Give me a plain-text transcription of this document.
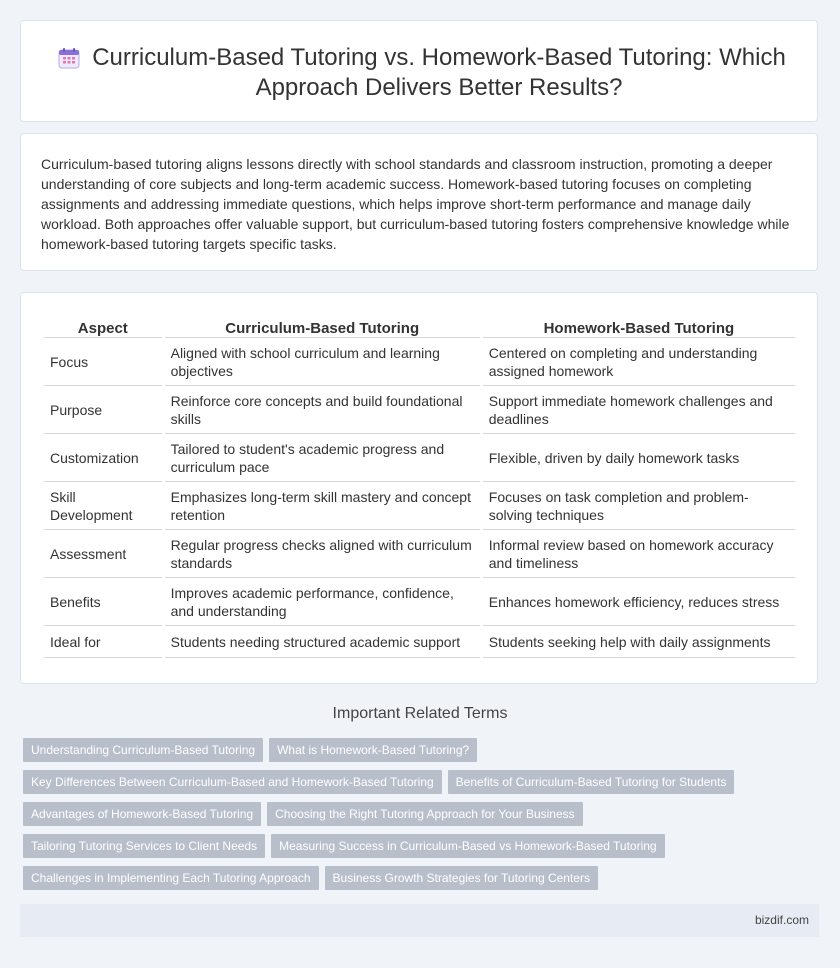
Curriculum-Based Tutoring vs. Homework-Based Tutoring: Which Approach Delivers Better Results?

Curriculum-based tutoring aligns lessons directly with school standards and classroom instruction, promoting a deeper understanding of core subjects and long-term academic success. Homework-based tutoring focuses on completing assignments and addressing immediate questions, which helps improve short-term performance and manage daily workload. Both approaches offer valuable support, but curriculum-based tutoring fosters comprehensive knowledge while homework-based tutoring targets specific tasks.

Aspect	Curriculum-Based Tutoring	Homework-Based Tutoring
Focus	Aligned with school curriculum and learning objectives	Centered on completing and understanding assigned homework
Purpose	Reinforce core concepts and build foundational skills	Support immediate homework challenges and deadlines
Customization	Tailored to student's academic progress and curriculum pace	Flexible, driven by daily homework tasks
Skill Development	Emphasizes long-term skill mastery and concept retention	Focuses on task completion and problem-solving techniques
Assessment	Regular progress checks aligned with curriculum standards	Informal review based on homework accuracy and timeliness
Benefits	Improves academic performance, confidence, and understanding	Enhances homework efficiency, reduces stress
Ideal for	Students needing structured academic support	Students seeking help with daily assignments
Important Related Terms
Understanding Curriculum-Based Tutoring	What is Homework-Based Tutoring?
Key Differences Between Curriculum-Based and Homework-Based Tutoring	Benefits of Curriculum-Based Tutoring for Students
Advantages of Homework-Based Tutoring	Choosing the Right Tutoring Approach for Your Business
Tailoring Tutoring Services to Client Needs	Measuring Success in Curriculum-Based vs Homework-Based Tutoring
Challenges in Implementing Each Tutoring Approach	Business Growth Strategies for Tutoring Centers
bizdif.com
